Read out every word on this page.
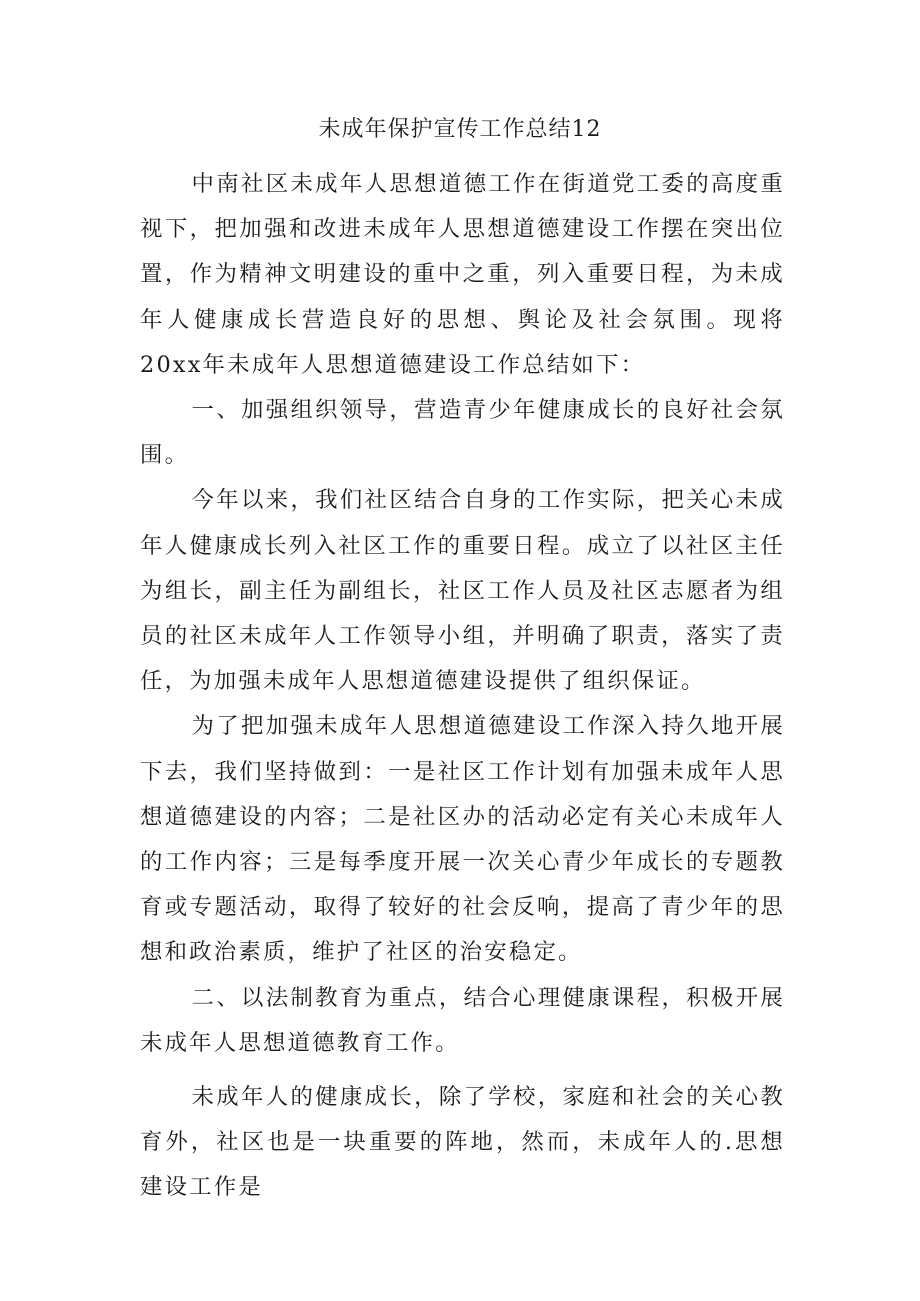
未成年保护宣传工作总结12

中南社区未成年人思想道德工作在街道党工委的高度重视下，把加强和改进未成年人思想道德建设工作摆在突出位置，作为精神文明建设的重中之重，列入重要日程，为未成年人健康成长营造良好的思想、舆论及社会氛围。现将20xx年未成年人思想道德建设工作总结如下：

一、加强组织领导，营造青少年健康成长的良好社会氛围。

今年以来，我们社区结合自身的工作实际，把关心未成年人健康成长列入社区工作的重要日程。成立了以社区主任为组长，副主任为副组长，社区工作人员及社区志愿者为组员的社区未成年人工作领导小组，并明确了职责，落实了责任，为加强未成年人思想道德建设提供了组织保证。

为了把加强未成年人思想道德建设工作深入持久地开展下去，我们坚持做到：一是社区工作计划有加强未成年人思想道德建设的内容；二是社区办的活动必定有关心未成年人的工作内容；三是每季度开展一次关心青少年成长的专题教育或专题活动，取得了较好的社会反响，提高了青少年的思想和政治素质，维护了社区的治安稳定。

二、以法制教育为重点，结合心理健康课程，积极开展未成年人思想道德教育工作。

未成年人的健康成长，除了学校，家庭和社会的关心教育外，社区也是一块重要的阵地，然而，未成年人的.思想建设工作是
